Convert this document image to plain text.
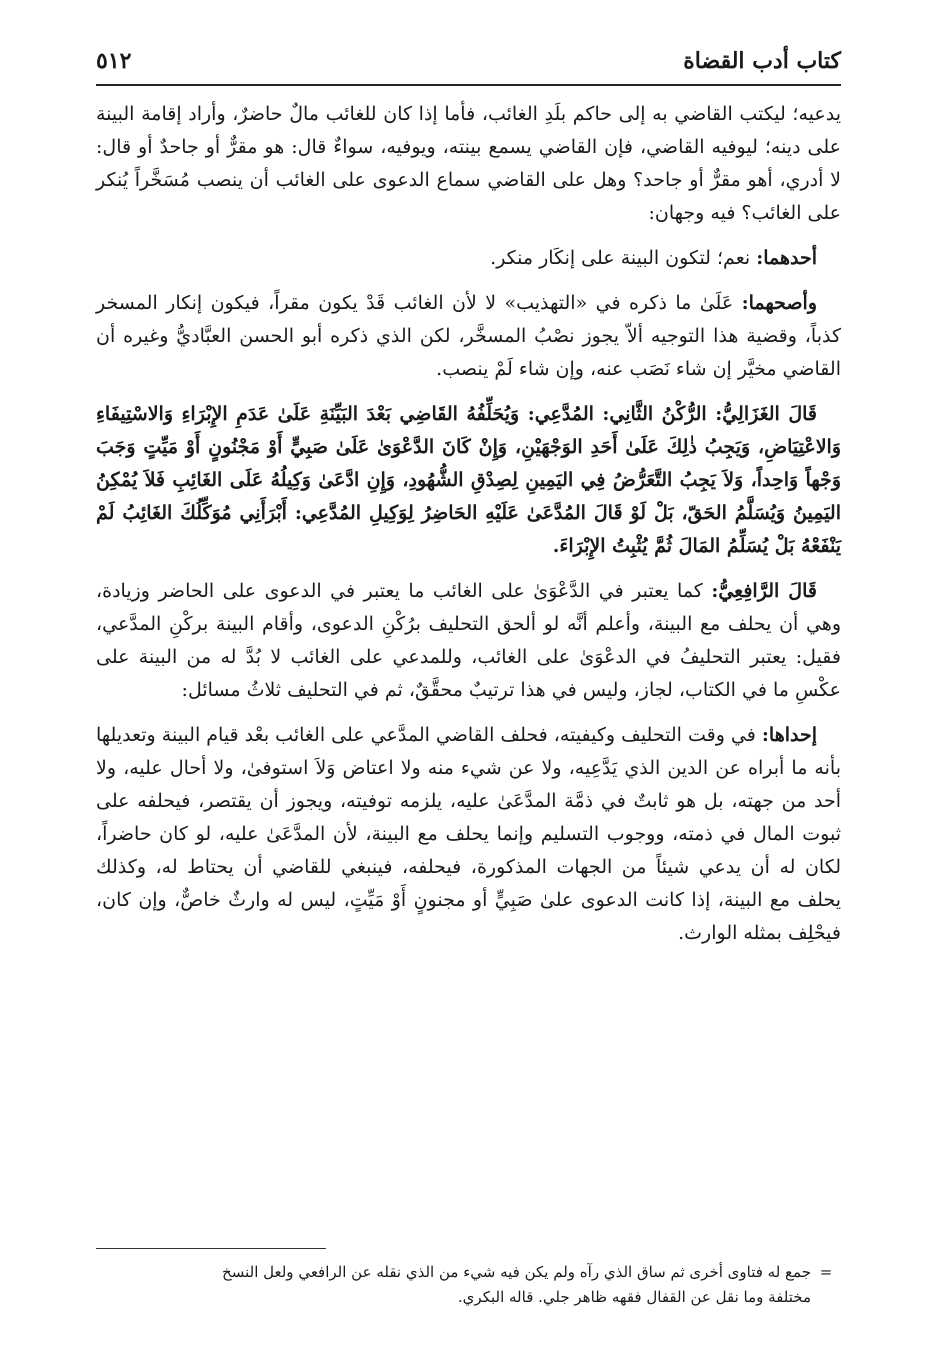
كتاب أدب القضاة
٥١٢

يدعيه؛ ليكتب القاضي به إلى حاكم بلَدِ الغائب، فأما إذا كان للغائب مالٌ حاضرٌ، وأراد إقامة البينة على دينه؛ ليوفيه القاضي، فإن القاضي يسمع بينته، ويوفيه، سواءٌ قال: هو مقرٌّ أو جاحدٌ أو قال: لا أدري، أهو مقرٌّ أو جاحد؟ وهل على القاضي سماع الدعوى على الغائب أن ينصب مُسَخَّراً يُنكر على الغائب؟ فيه وجهان:

أحدهما: نعم؛ لتكون البينة على إنكَار منكر.

وأصحهما: عَلَىٰ ما ذكره في «التهذيب» لا لأن الغائب قَدْ يكون مقراً، فيكون إنكار المسخر كذباً، وقضية هذا التوجيه ألاّ يجوز نصْبُ المسخَّر، لكن الذي ذكره أبو الحسن العبَّاديُّ وغيره أن القاضي مخيَّر إن شاء نَصَب عنه، وإن شاء لَمْ ينصب.

قَالَ الغَزَالِيُّ: الرُّكْنُ الثَّانِي: المُدَّعِي: وَيُحَلِّفُهُ القَاضِي بَعْدَ البَيِّنَةِ عَلَىٰ عَدَمِ الإِبْرَاءِ وَالاسْتِيفَاءِ وَالاعْتِيَاضِ، وَيَجِبُ ذٰلِكَ عَلَىٰ أَحَدِ الوَجْهَيْنِ، وَإِنْ كَانَ الدَّعْوَىٰ عَلَىٰ صَبِيٍّ أَوْ مَجْنُونٍ أَوْ مَيِّتٍ وَجَبَ وَجْهاً وَاحِداً، وَلاَ يَجِبُ التَّعَرُّضُ فِي اليَمِينِ لِصِدْقِ الشُّهُودِ، وَإِنِ ادَّعَىٰ وَكِيلُهُ عَلَى الغَائِبِ فَلاَ يُمْكِنُ اليَمِينُ وَيُسَلَّمُ الحَقّ، بَلْ لَوْ قَالَ المُدَّعَىٰ عَلَيْهِ الحَاضِرُ لِوَكِيلِ المُدَّعِي: أَبْرَأَنِي مُوَكِّلُكَ الغَائِبُ لَمْ يَنْفَعْهُ بَلْ يُسَلِّمُ المَالَ ثُمَّ يُثْبِتُ الإِبْرَاءَ.

قَالَ الرَّافِعِيُّ: كما يعتبر في الدَّعْوَىٰ على الغائب ما يعتبر في الدعوى على الحاضر وزيادة، وهي أن يحلف مع البينة، وأعلم أنَّه لو ألحق التحليف برُكْنِ الدعوى، وأقام البينة بركْنِ المدَّعي، فقيل: يعتبر التحليفُ في الدعْوَىٰ على الغائب، وللمدعي على الغائب لا بُدَّ له من البينة على عكْسِ ما في الكتاب، لجاز، وليس في هذا ترتيبٌ محقَّقٌ، ثم في التحليف ثلاثُ مسائل:

إحداها: في وقت التحليف وكيفيته، فحلف القاضي المدَّعي على الغائب بعْد قيام البينة وتعديلها بأنه ما أبراه عن الدين الذي يَدَّعِيه، ولا عن شيء منه ولا اعتاض وَلاَ استوفىٰ، ولا أحال عليه، ولا أحد من جهته، بل هو ثابتٌ في ذمَّة المدَّعَىٰ عليه، يلزمه توفيته، ويجوز أن يقتصر، فيحلفه على ثبوت المال في ذمته، ووجوب التسليم وإنما يحلف مع البينة، لأن المدَّعَىٰ عليه، لو كان حاضراً، لكان له أن يدعي شيئاً من الجهات المذكورة، فيحلفه، فينبغي للقاضي أن يحتاط له، وكذلك يحلف مع البينة، إذا كانت الدعوى علىٰ صَبِيٍّ أو مجنونٍ أَوْ مَيِّتٍ، ليس له وارثٌ خاصٌّ، وإن كان، فيحْلِف بمثله الوارث.

=جمع له فتاوى أخرى ثم ساق الذي رآه ولم يكن فيه شيء من الذي نقله عن الرافعي ولعل النسخ
مختلفة وما نقل عن القفال فقهه ظاهر جلي. قاله البكري.
